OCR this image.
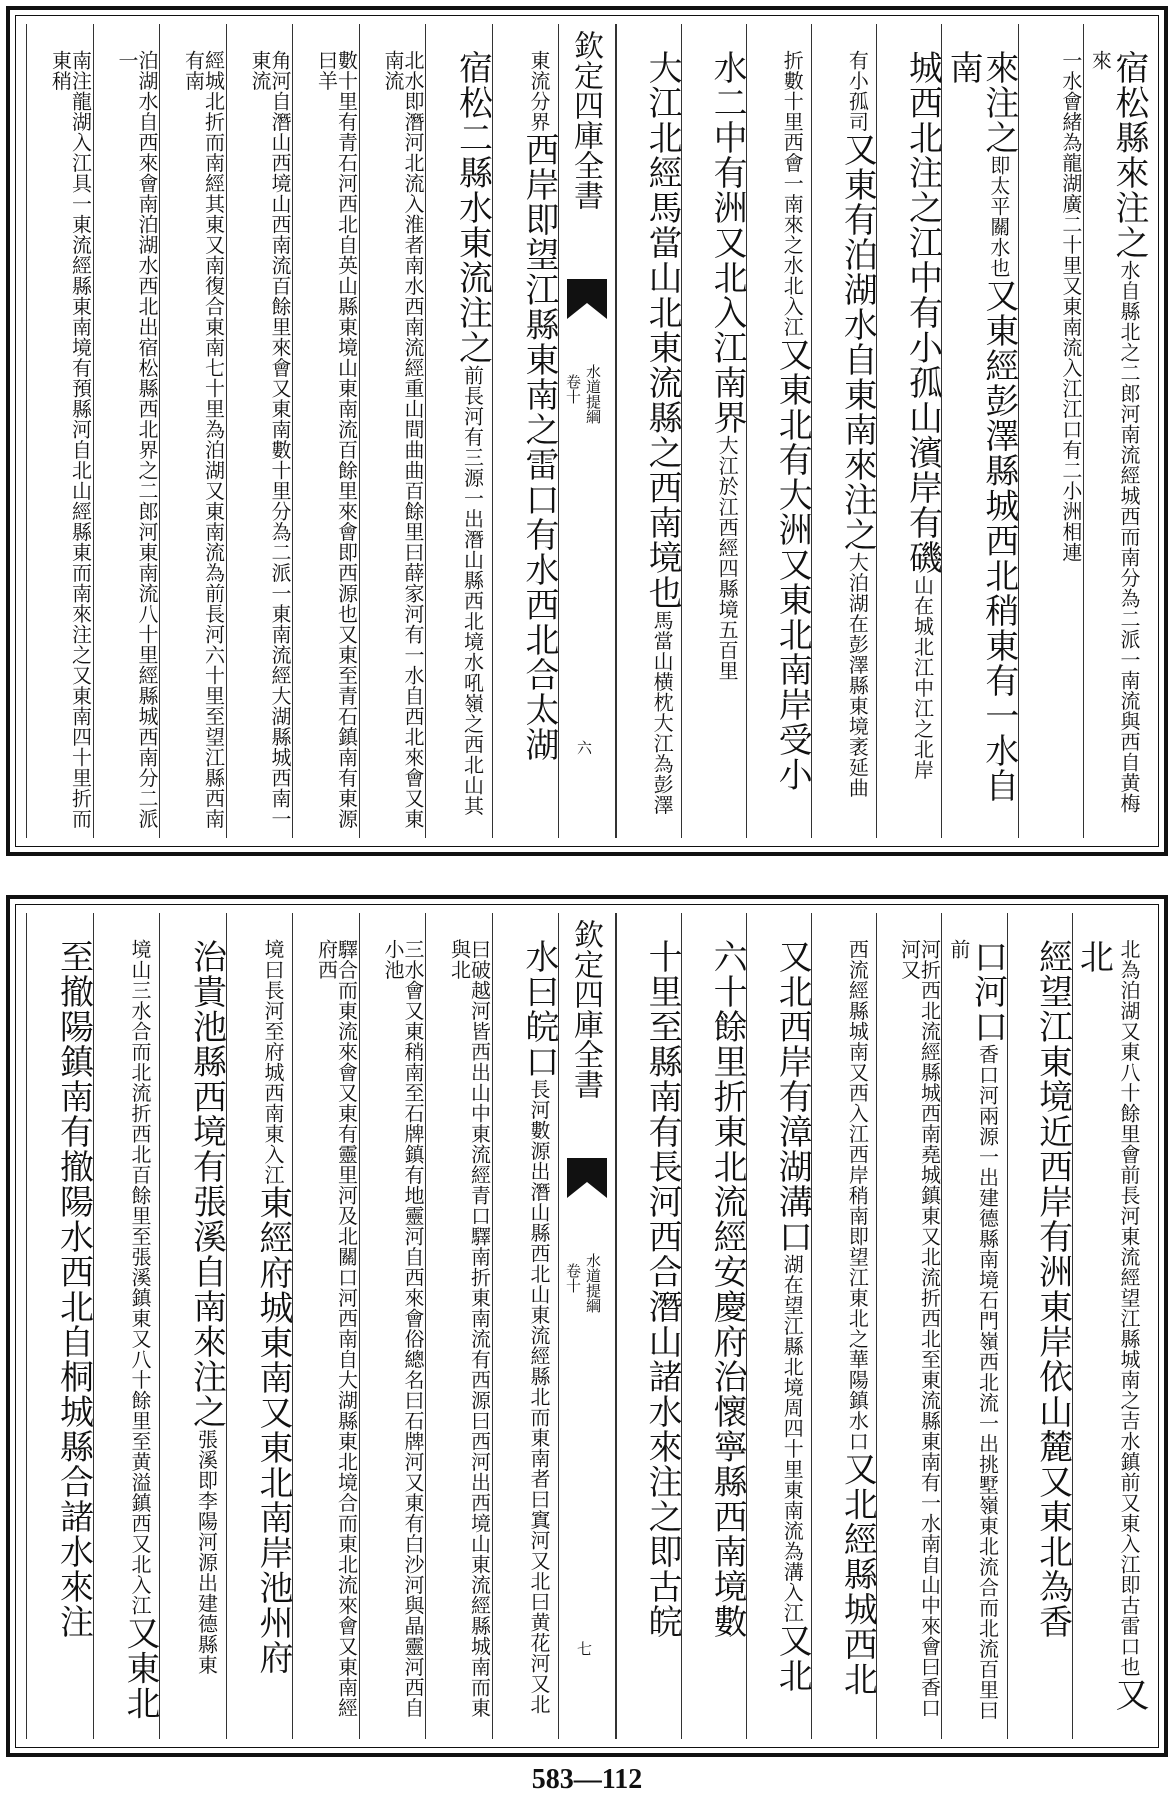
宿松縣來注之水自縣北之二郎河南流經城西而南分為二派一南流與西自黄梅來
一水會緒為龍湖廣二十里又東南流入江江口有二小洲相連
來注之即太平關水也又東經彭澤縣城西北稍東有一水自南
城西北注之江中有小孤山濱岸有磯山在城北江中江之北岸
有小孤司又東有泊湖水自東南來注之大泊湖在彭澤縣東境袤延曲
折數十里西會一南來之水北入江又東北有大洲又東北南岸受小
水二中有洲又北入江南界大江於江西經四縣境五百里
大江北經馬當山北東流縣之西南境也馬當山横枕大江為彭澤
欽定四庫全書
卷十 水道提綱
六
東流分界西岸即望江縣東南之雷口有水西北合太湖
宿松二縣水東流注之前長河有三源一出潛山縣西北境水吼嶺之西北山其
北水即潛河北流入淮者南水西南流經重山間曲曲百餘里曰薛家河有一水自西北來會又東南流
數十里有青石河西北自英山縣東境山東南流百餘里來會即西源也又東至青石鎮南有東源曰羊
角河自潛山西境山西南流百餘里來會又東南數十里分為二派一東南流經大湖縣城西南一東流
經城北折而南經其東又南復合東南七十里為泊湖又東南流為前長河六十里至望江縣西南有南
泊湖水自西來會南泊湖水西北出宿松縣西北界之二郎河東南流八十里經縣城西南分二派一
南注龍湖入江具一東流經縣東南境有預縣河自北山經縣東而南來注之又東南四十里折而東稍
北為泊湖又東八十餘里會前長河東流經望江縣城南之吉水鎮前又東入江即古雷口也又北
經望江東境近西岸有洲東岸依山麓又東北為香
口河口香口河兩源一出建德縣南境石門嶺西北流一出挑墅嶺東北流合而北流百里曰前
河折西北流經縣城西南堯城鎮東又北流折西北至東流縣東南有一水南自山中來會曰香口河又
西流經縣城南又西入江西岸稍南即望江東北之華陽鎮水口又北經縣城西北
又北西岸有漳湖溝口湖在望江縣北境周四十里東南流為溝入江又北
六十餘里折東北流經安慶府治懷寧縣西南境數
十里至縣南有長河西合潛山諸水來注之即古皖
欽定四庫全書
卷十 水道提綱
七
水曰皖口長河數源出潛山縣西北山東流經縣北而東南者曰窴河又北曰黄花河又北
曰破越河皆西出山中東流經青口驛南折東南流有西源曰西河出西境山東流經縣城南而東與北
三水會又東稍南至石牌鎮有地靈河自西來會俗總名曰石牌河又東有白沙河與晶靈河西自小池
驛合而東流來會又東有靈里河及北關口河西南自大湖縣東北境合而東北流來會又東南經府西
境曰長河至府城西南東入江東經府城東南又東北南岸池州府
治貴池縣西境有張溪自南來注之張溪即李陽河源出建德縣東
境山三水合而北流折西北百餘里至張溪鎮東又八十餘里至黄溢鎮西又北入江又東北
至撤陽鎮南有撤陽水西北自桐城縣合諸水來注
583—112
